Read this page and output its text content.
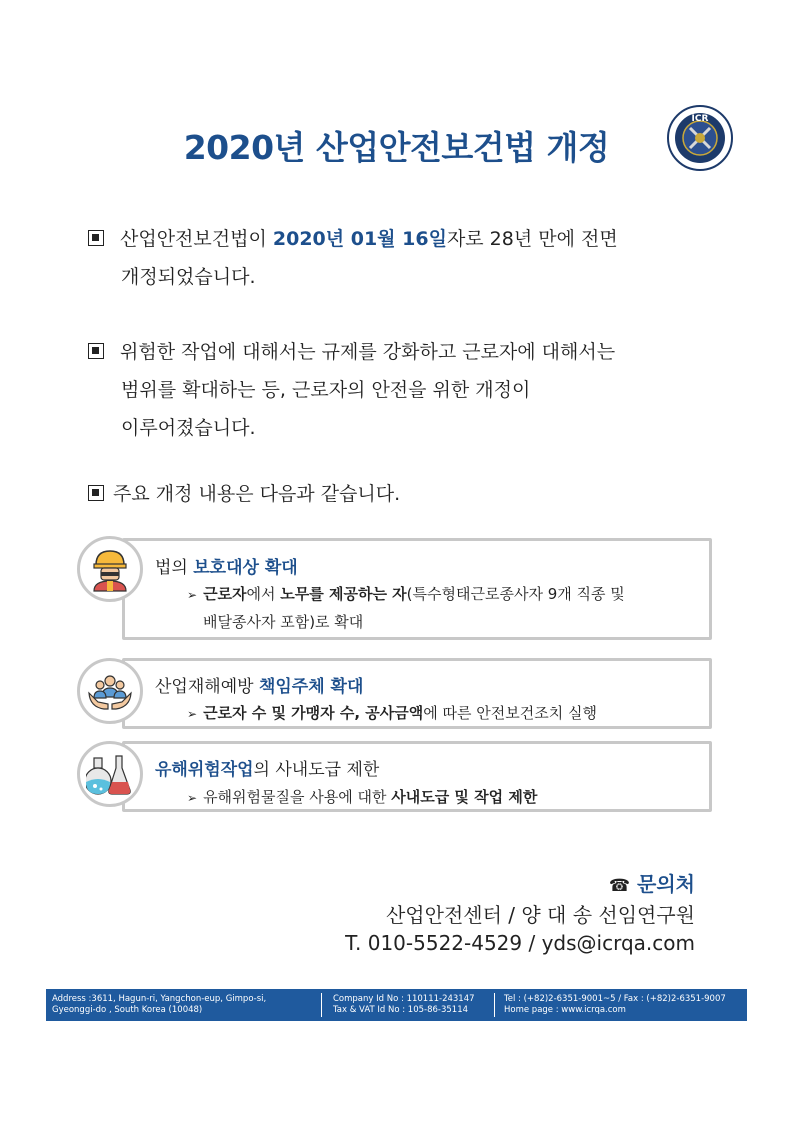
2020년 산업안전보건법 개정
ICR
산업안전보건법이 2020년 01월 16일자로 28년 만에 전면
개정되었습니다.
위험한 작업에 대해서는 규제를 강화하고 근로자에 대해서는
범위를 확대하는 등, 근로자의 안전을 위한 개정이
이루어졌습니다.
주요 개정 내용은 다음과 같습니다.
법의 보호대상 확대
➢ 근로자에서 노무를 제공하는 자(특수형태근로종사자 9개 직종 및
배달종사자 포함)로 확대
산업재해예방 책임주체 확대
➢ 근로자 수 및 가맹자 수, 공사금액에 따른 안전보건조치 실행
유해위험작업의 사내도급 제한
➢ 유해위험물질을 사용에 대한 사내도급 및 작업 제한
☎ 문의처
산업안전센터 / 양 대 송 선임연구원
T. 010-5522-4529 / yds@icrqa.com
Address :3611, Hagun-ri, Yangchon-eup, Gimpo-si,
Gyeonggi-do , South Korea (10048)
Company Id No : 110111-243147
Tax & VAT Id No : 105-86-35114
Tel : (+82)2-6351-9001~5 / Fax : (+82)2-6351-9007
Home page : www.icrqa.com
